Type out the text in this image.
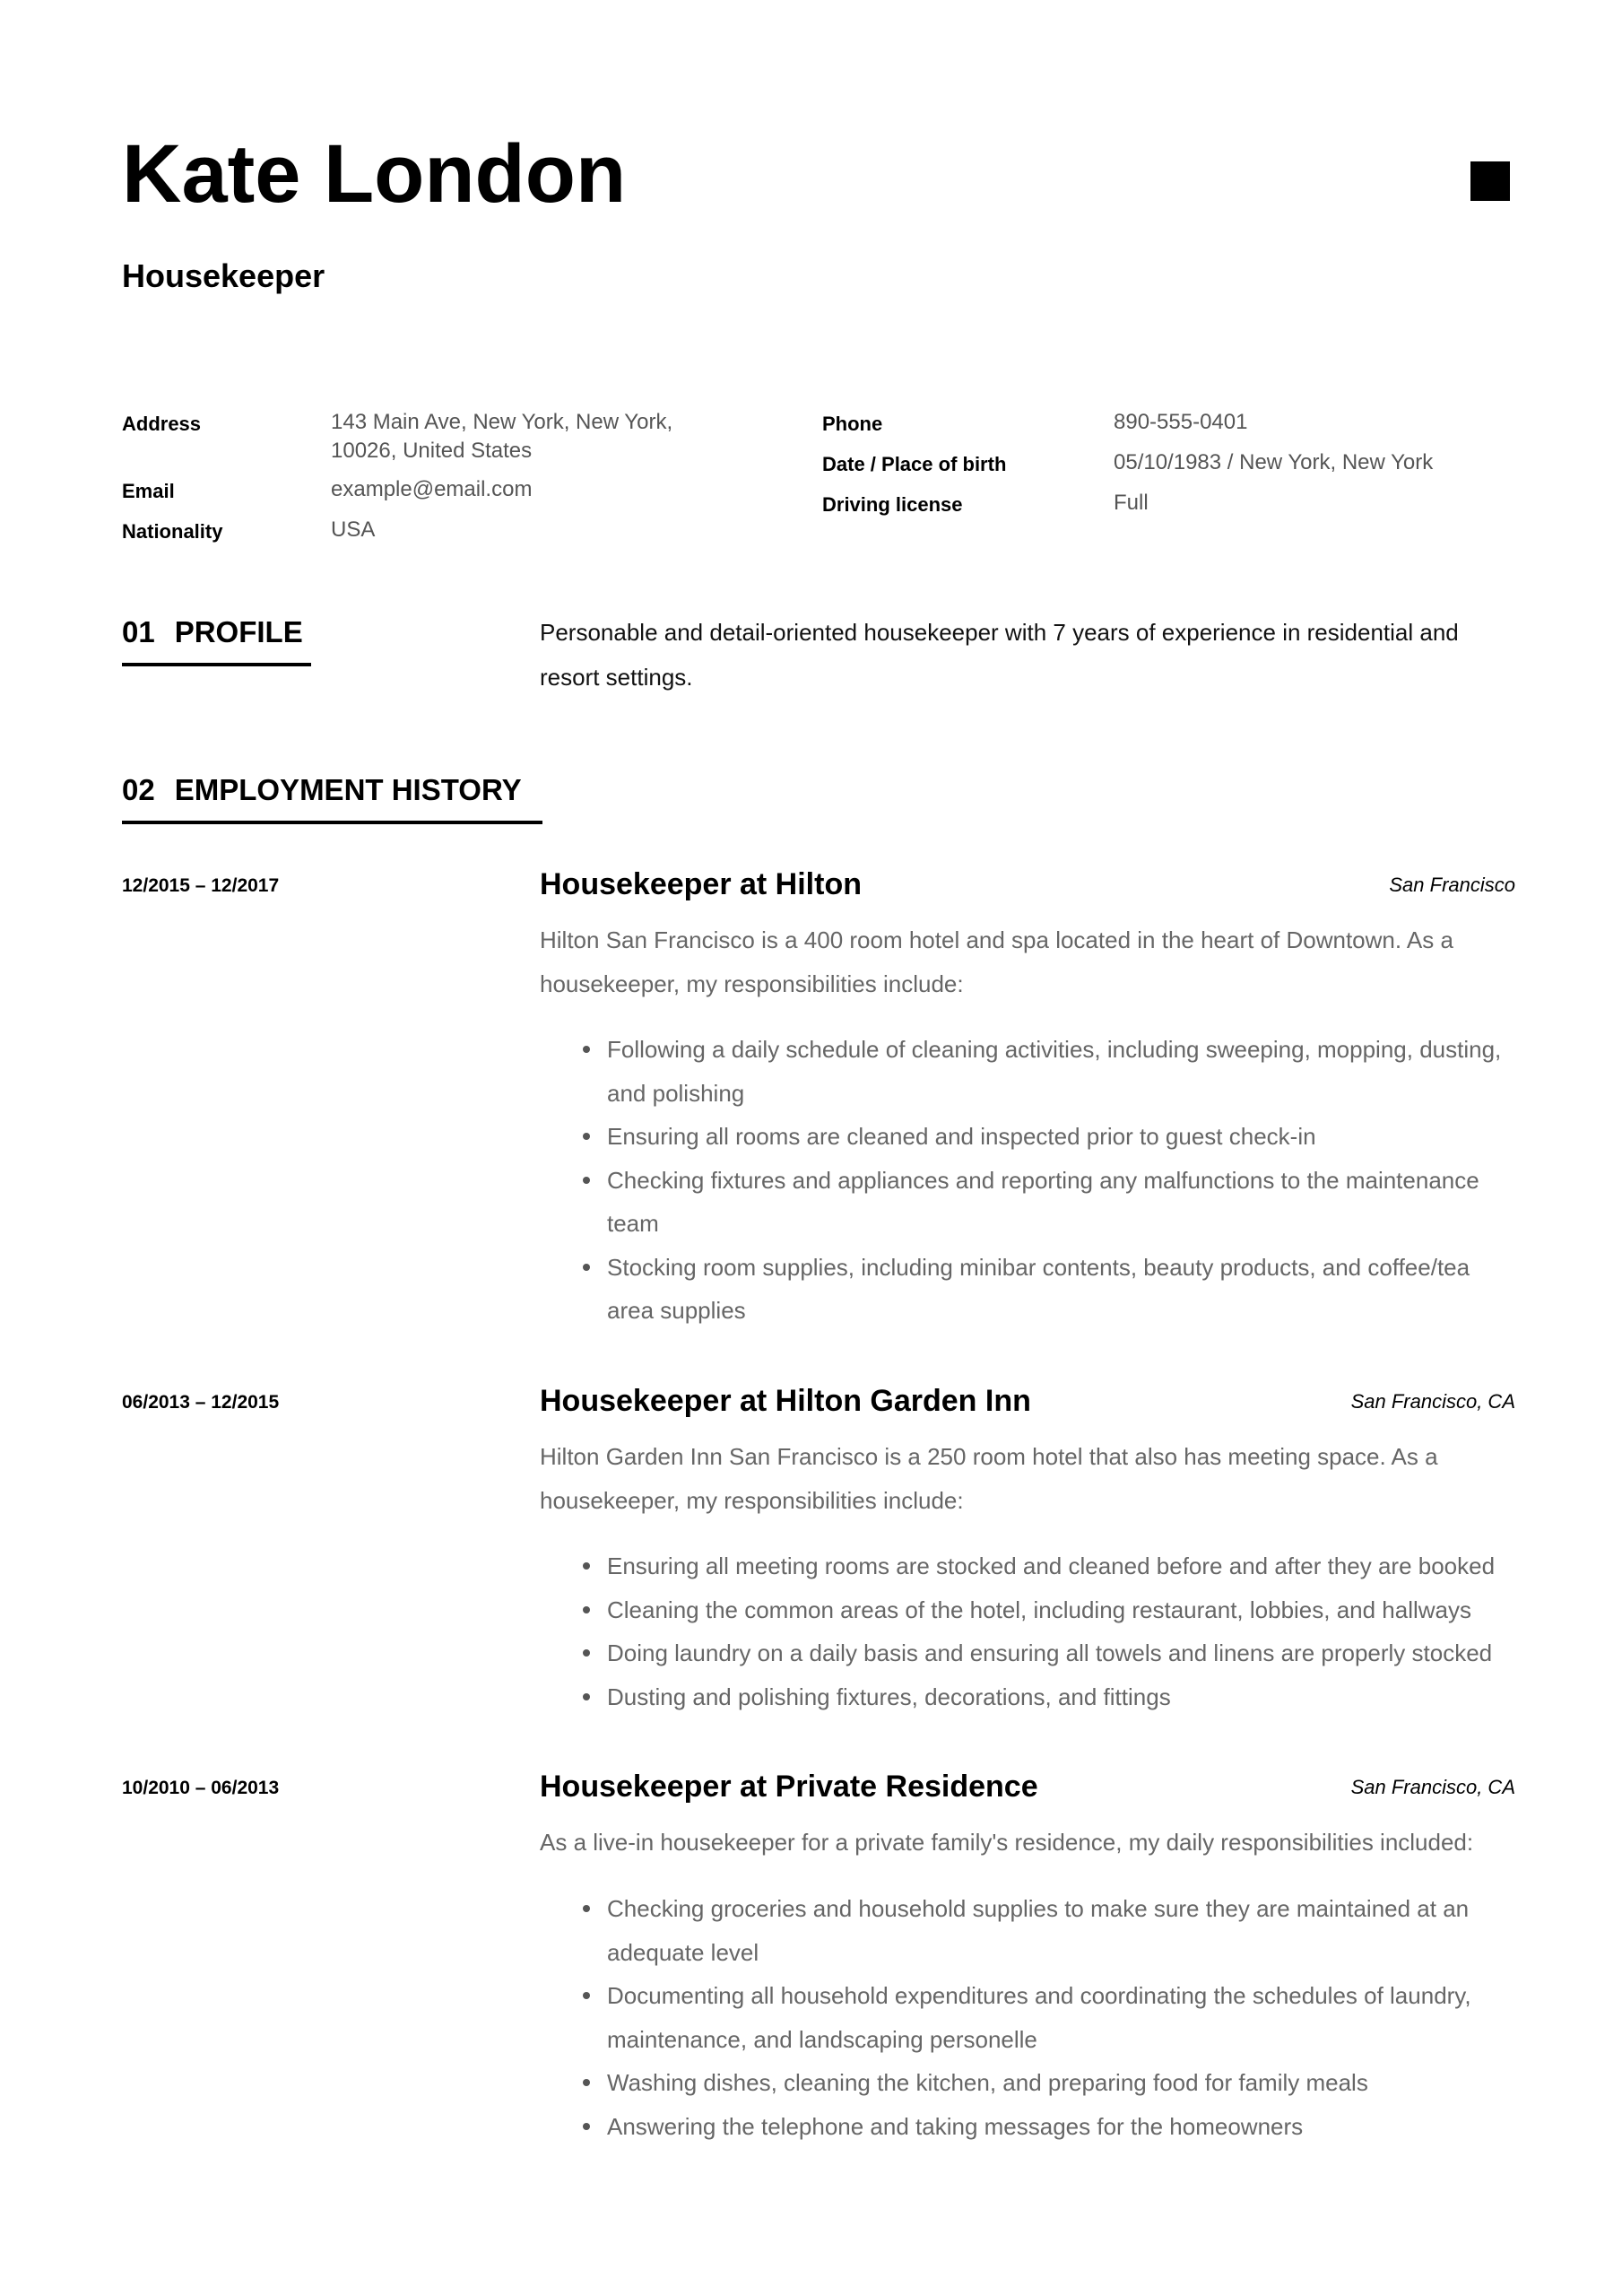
Kate London
Housekeeper
Address	143 Main Ave, New York, New York,
10026, United States
Email	example@email.com
Nationality	USA
Phone	890-555-0401
Date / Place of birth	05/10/1983 / New York, New York
Driving license	Full
01 PROFILE	Personable and detail-oriented housekeeper with 7 years of experience in residential and resort settings.
02 EMPLOYMENT HISTORY
12/2015 – 12/2017	Housekeeper at Hilton	San Francisco
Hilton San Francisco is a 400 room hotel and spa located in the heart of Downtown. As a housekeeper, my responsibilities include:
Following a daily schedule of cleaning activities, including sweeping, mopping, dusting, and polishing
Ensuring all rooms are cleaned and inspected prior to guest check-in
Checking fixtures and appliances and reporting any malfunctions to the maintenance team
Stocking room supplies, including minibar contents, beauty products, and coffee/tea area supplies
06/2013 – 12/2015	Housekeeper at Hilton Garden Inn	San Francisco, CA
Hilton Garden Inn San Francisco is a 250 room hotel that also has meeting space. As a housekeeper, my responsibilities include:
Ensuring all meeting rooms are stocked and cleaned before and after they are booked
Cleaning the common areas of the hotel, including restaurant, lobbies, and hallways
Doing laundry on a daily basis and ensuring all towels and linens are properly stocked
Dusting and polishing fixtures, decorations, and fittings
10/2010 – 06/2013	Housekeeper at Private Residence	San Francisco, CA
As a live-in housekeeper for a private family's residence, my daily responsibilities included:
Checking groceries and household supplies to make sure they are maintained at an adequate level
Documenting all household expenditures and coordinating the schedules of laundry, maintenance, and landscaping personelle
Washing dishes, cleaning the kitchen, and preparing food for family meals
Answering the telephone and taking messages for the homeowners
